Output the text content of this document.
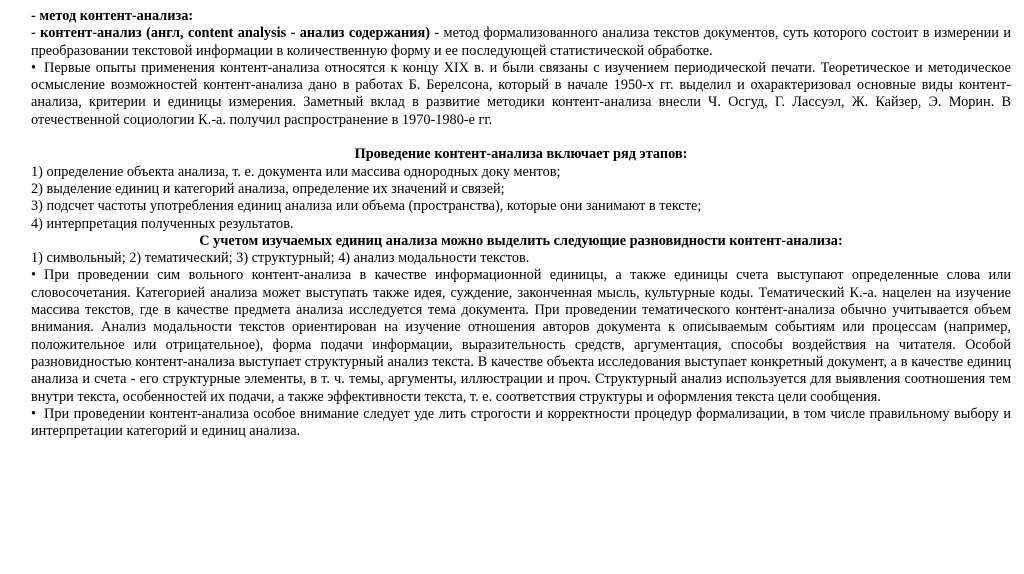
- метод контент-анализа:

- контент-анализ (англ, content analysis - анализ содержания) - метод формализованного анализа текстов документов, суть которого состоит в измерении и преобразовании текстовой информации в количественную форму и ее последующей статистической обработке.

• Первые опыты применения контент-анализа относятся к концу XIX в. и были связаны с изучением периодической печати. Теоретическое и методическое осмысление возможностей контент-анализа дано в работах Б. Берелсона, который в начале 1950-х гг. выделил и охарактеризовал основные виды контент-анализа, критерии и единицы измерения. Заметный вклад в развитие методики контент-анализа внесли Ч. Осгуд, Г. Лассуэл, Ж. Кайзер, Э. Морин. В отечественной социологии К.-а. получил распространение в 1970-1980-е гг.

Проведение контент-анализа включает ряд этапов:

1) определение объекта анализа, т. е. документа или массива однородных доку ментов;

2) выделение единиц и категорий анализа, определение их значений и связей;

3) подсчет частоты употребления единиц анализа или объема (пространства), которые они занимают в тексте;

4) интерпретация полученных результатов.

С учетом изучаемых единиц анализа можно выделить следующие разновидности контент-анализа:

1) символьный; 2) тематический; 3) структурный; 4) анализ модальности текстов.

• При проведении сим вольного контент-анализа в качестве информационной единицы, а также единицы счета выступают определенные слова или словосочетания. Категорией анализа может выступать также идея, суждение, законченная мысль, культурные коды. Тематический К.-а. нацелен на изучение массива текстов, где в качестве предмета анализа исследуется тема документа. При проведении тематического контент-анализа обычно учитывается объем внимания. Анализ модальности текстов ориентирован на изучение отношения авторов документа к описываемым событиям или процессам (например, положительное или отрицательное), форма подачи информации, выразительность средств, аргументация, способы воздействия на читателя. Особой разновидностью контент-анализа выступает структурный анализ текста. В качестве объекта исследования выступает конкретный документ, а в качестве единиц анализа и счета - его структурные элементы, в т. ч. темы, аргументы, иллюстрации и проч. Структурный анализ используется для выявления соотношения тем внутри текста, особенностей их подачи, а также эффективности текста, т. е. соответствия структуры и оформления текста цели сообщения.

• При проведении контент-анализа особое внимание следует уде лить строгости и корректности процедур формализации, в том числе правильному выбору и интерпретации категорий и единиц анализа.
